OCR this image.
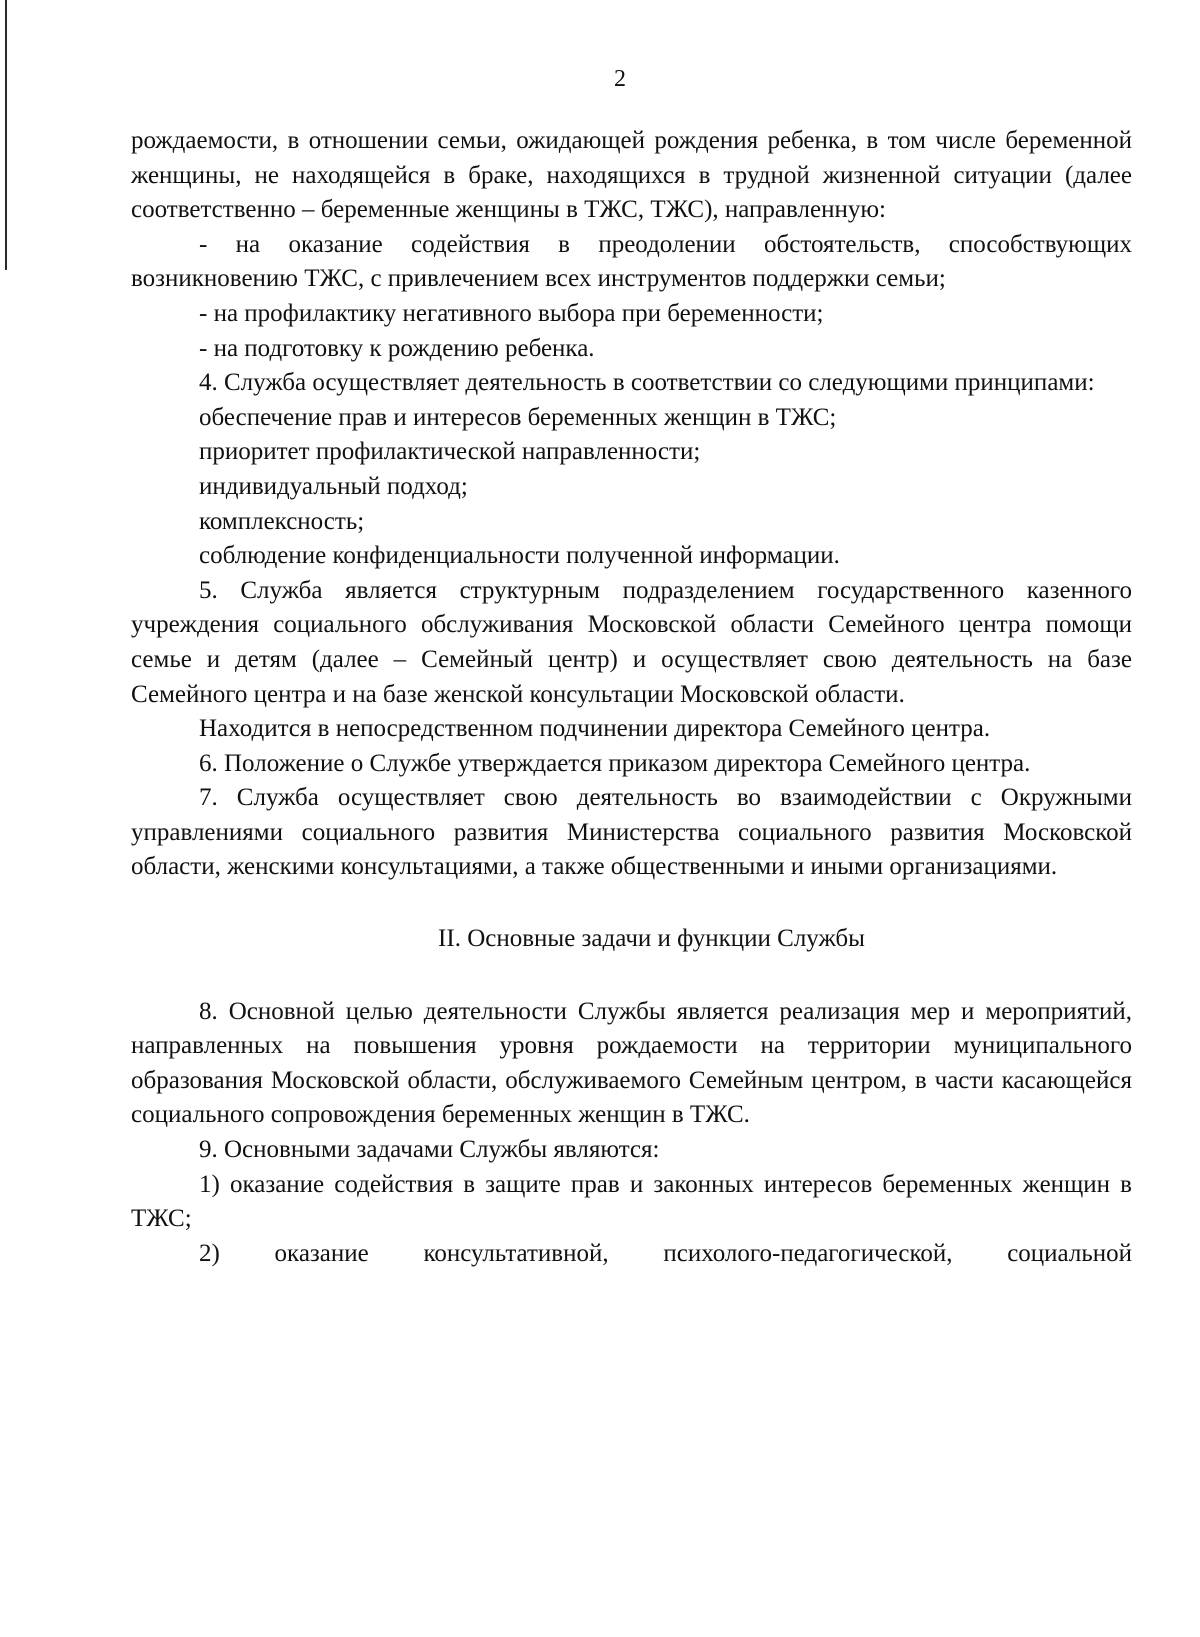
2

рождаемости, в отношении семьи, ожидающей рождения ребенка, в том числе беременной женщины, не находящейся в браке, находящихся в трудной жизненной ситуации (далее соответственно – беременные женщины в ТЖС, ТЖС), направленную:

- на оказание содействия в преодолении обстоятельств, способствующих возникновению ТЖС, с привлечением всех инструментов поддержки семьи;

- на профилактику негативного выбора при беременности;

- на подготовку к рождению ребенка.

4. Служба осуществляет деятельность в соответствии со следующими принципами:

обеспечение прав и интересов беременных женщин в ТЖС;

приоритет профилактической направленности;

индивидуальный подход;

комплексность;

соблюдение конфиденциальности полученной информации.

5. Служба является структурным подразделением государственного казенного учреждения социального обслуживания Московской области Семейного центра помощи семье и детям (далее – Семейный центр) и осуществляет свою деятельность на базе Семейного центра и на базе женской консультации Московской области.

Находится в непосредственном подчинении директора Семейного центра.

6. Положение о Службе утверждается приказом директора Семейного центра.

7. Служба осуществляет свою деятельность во взаимодействии с Окружными управлениями социального развития Министерства социального развития Московской области, женскими консультациями, а также общественными и иными организациями.

II. Основные задачи и функции Службы

8. Основной целью деятельности Службы является реализация мер и мероприятий, направленных на повышения уровня рождаемости на территории муниципального образования Московской области, обслуживаемого Семейным центром, в части касающейся социального сопровождения беременных женщин в ТЖС.

9. Основными задачами Службы являются:

1) оказание содействия в защите прав и законных интересов беременных женщин в ТЖС;

2) оказание консультативной, психолого-педагогической, социальной
